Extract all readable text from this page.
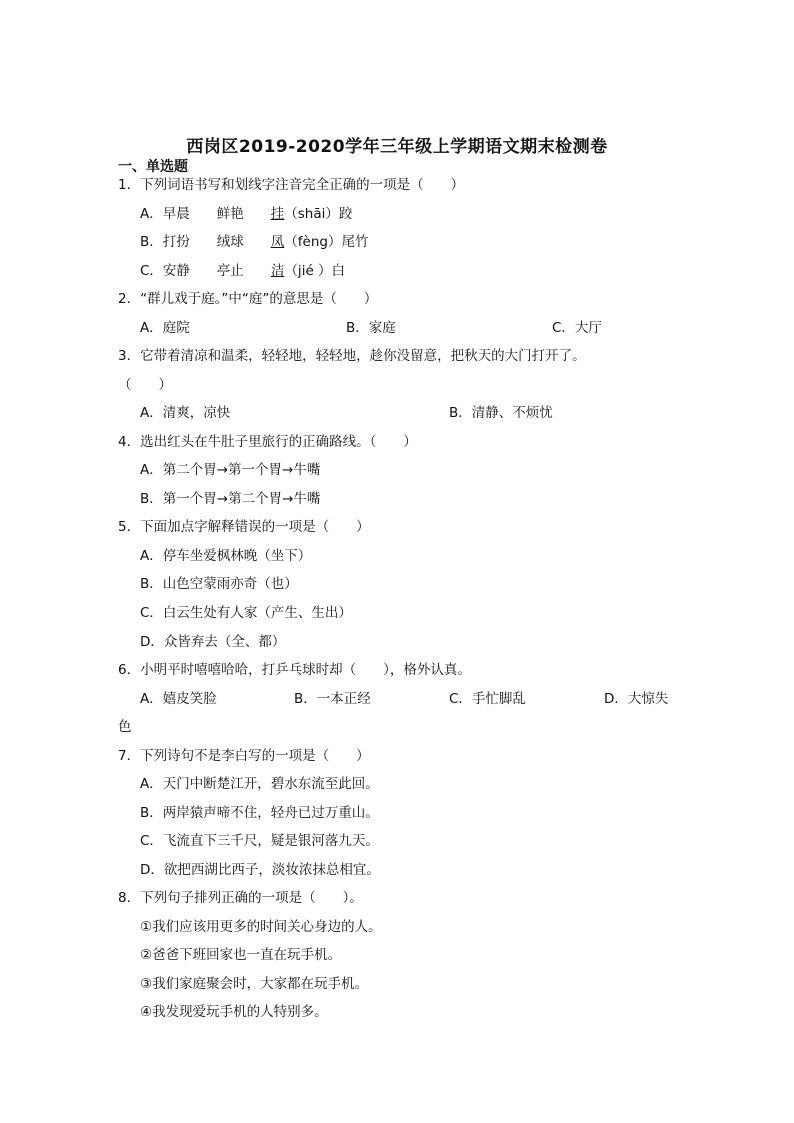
西岗区2019-2020学年三年级上学期语文期末检测卷
一、单选题
1．下列词语书写和划线字注音完全正确的一项是（　　）
A．早晨　　鲜艳　　挂（shāi）跤
B．打扮　　绒球　　凤（fèng）尾竹
C．安静　　亭止　　洁（jié ）白
2．“群儿戏于庭。”中“庭”的意思是（　　）
A．庭院	B．家庭	C．大厅
3．它带着清凉和温柔，轻轻地，轻轻地，趁你没留意，把秋天的大门打开了。
（　　）
A．清爽，凉快	B．清静、不烦忧
4．选出红头在牛肚子里旅行的正确路线。（　　）
A．第二个胃→第一个胃→牛嘴
B．第一个胃→第二个胃→牛嘴
5．下面加点字解释错误的一项是（　　）
A．停车坐爱枫林晚（坐下）
B．山色空蒙雨亦奇（也）
C．白云生处有人家（产生、生出）
D．众皆弃去（全、都）
6．小明平时嘻嘻哈哈，打乒乓球时却（　　），格外认真。
A．嬉皮笑脸	B．一本正经	C．手忙脚乱	D．大惊失
色
7．下列诗句不是李白写的一项是（　　）
A．天门中断楚江开，碧水东流至此回。
B．两岸猿声啼不住，轻舟已过万重山。
C．飞流直下三千尺，疑是银河落九天。
D．欲把西湖比西子，淡妆浓抹总相宜。
8．下列句子排列正确的一项是（　　）。
①我们应该用更多的时间关心身边的人。
②爸爸下班回家也一直在玩手机。
③我们家庭聚会时，大家都在玩手机。
④我发现爱玩手机的人特别多。
